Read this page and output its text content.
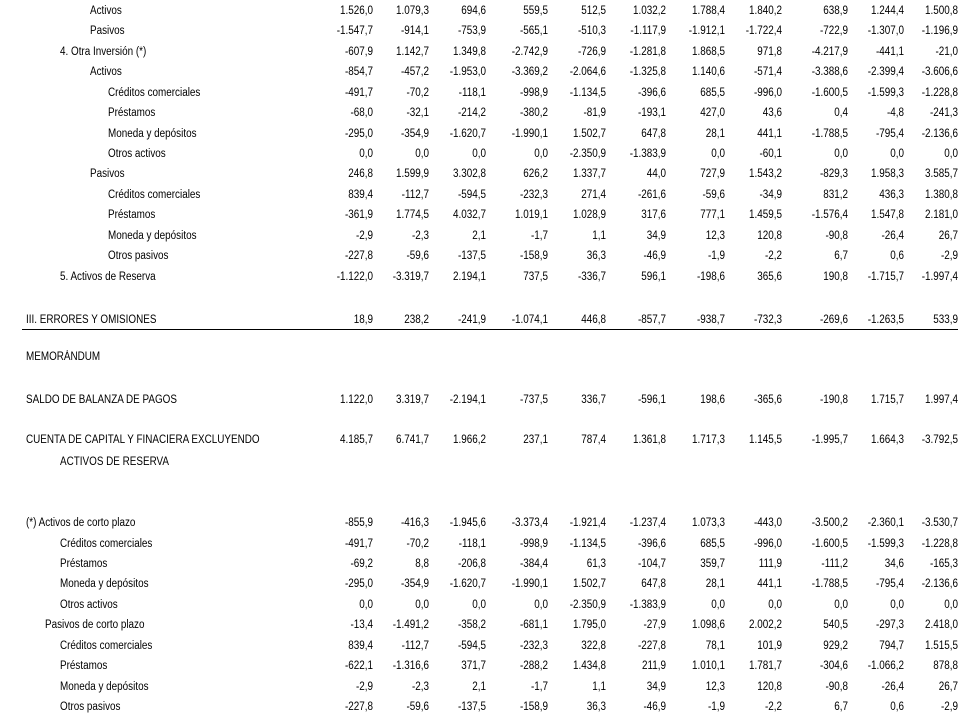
Activos	1.526,0	1.079,3	694,6	559,5	512,5	1.032,2	1.788,4	1.840,2	638,9	1.244,4	1.500,8
Pasivos	-1.547,7	-914,1	-753,9	-565,1	-510,3	-1.117,9	-1.912,1	-1.722,4	-722,9	-1.307,0	-1.196,9
4. Otra Inversión (*)	-607,9	1.142,7	1.349,8	-2.742,9	-726,9	-1.281,8	1.868,5	971,8	-4.217,9	-441,1	-21,0
Activos	-854,7	-457,2	-1.953,0	-3.369,2	-2.064,6	-1.325,8	1.140,6	-571,4	-3.388,6	-2.399,4	-3.606,6
Créditos comerciales	-491,7	-70,2	-118,1	-998,9	-1.134,5	-396,6	685,5	-996,0	-1.600,5	-1.599,3	-1.228,8
Préstamos	-68,0	-32,1	-214,2	-380,2	-81,9	-193,1	427,0	43,6	0,4	-4,8	-241,3
Moneda y depósitos	-295,0	-354,9	-1.620,7	-1.990,1	1.502,7	647,8	28,1	441,1	-1.788,5	-795,4	-2.136,6
Otros activos	0,0	0,0	0,0	0,0	-2.350,9	-1.383,9	0,0	-60,1	0,0	0,0	0,0
Pasivos	246,8	1.599,9	3.302,8	626,2	1.337,7	44,0	727,9	1.543,2	-829,3	1.958,3	3.585,7
Créditos comerciales	839,4	-112,7	-594,5	-232,3	271,4	-261,6	-59,6	-34,9	831,2	436,3	1.380,8
Préstamos	-361,9	1.774,5	4.032,7	1.019,1	1.028,9	317,6	777,1	1.459,5	-1.576,4	1.547,8	2.181,0
Moneda y depósitos	-2,9	-2,3	2,1	-1,7	1,1	34,9	12,3	120,8	-90,8	-26,4	26,7
Otros pasivos	-227,8	-59,6	-137,5	-158,9	36,3	-46,9	-1,9	-2,2	6,7	0,6	-2,9
5. Activos de Reserva	-1.122,0	-3.319,7	2.194,1	737,5	-336,7	596,1	-198,6	365,6	190,8	-1.715,7	-1.997,4
III. ERRORES Y OMISIONES	18,9	238,2	-241,9	-1.074,1	446,8	-857,7	-938,7	-732,3	-269,6	-1.263,5	533,9
MEMORÁNDUM
SALDO DE BALANZA DE PAGOS	1.122,0	3.319,7	-2.194,1	-737,5	336,7	-596,1	198,6	-365,6	-190,8	1.715,7	1.997,4
CUENTA DE CAPITAL Y FINACIERA EXCLUYENDO	4.185,7	6.741,7	1.966,2	237,1	787,4	1.361,8	1.717,3	1.145,5	-1.995,7	1.664,3	-3.792,5
ACTIVOS DE RESERVA
(*) Activos de corto plazo	-855,9	-416,3	-1.945,6	-3.373,4	-1.921,4	-1.237,4	1.073,3	-443,0	-3.500,2	-2.360,1	-3.530,7
Créditos comerciales	-491,7	-70,2	-118,1	-998,9	-1.134,5	-396,6	685,5	-996,0	-1.600,5	-1.599,3	-1.228,8
Préstamos	-69,2	8,8	-206,8	-384,4	61,3	-104,7	359,7	111,9	-111,2	34,6	-165,3
Moneda y depósitos	-295,0	-354,9	-1.620,7	-1.990,1	1.502,7	647,8	28,1	441,1	-1.788,5	-795,4	-2.136,6
Otros activos	0,0	0,0	0,0	0,0	-2.350,9	-1.383,9	0,0	0,0	0,0	0,0	0,0
Pasivos de corto plazo	-13,4	-1.491,2	-358,2	-681,1	1.795,0	-27,9	1.098,6	2.002,2	540,5	-297,3	2.418,0
Créditos comerciales	839,4	-112,7	-594,5	-232,3	322,8	-227,8	78,1	101,9	929,2	794,7	1.515,5
Préstamos	-622,1	-1.316,6	371,7	-288,2	1.434,8	211,9	1.010,1	1.781,7	-304,6	-1.066,2	878,8
Moneda y depósitos	-2,9	-2,3	2,1	-1,7	1,1	34,9	12,3	120,8	-90,8	-26,4	26,7
Otros pasivos	-227,8	-59,6	-137,5	-158,9	36,3	-46,9	-1,9	-2,2	6,7	0,6	-2,9
